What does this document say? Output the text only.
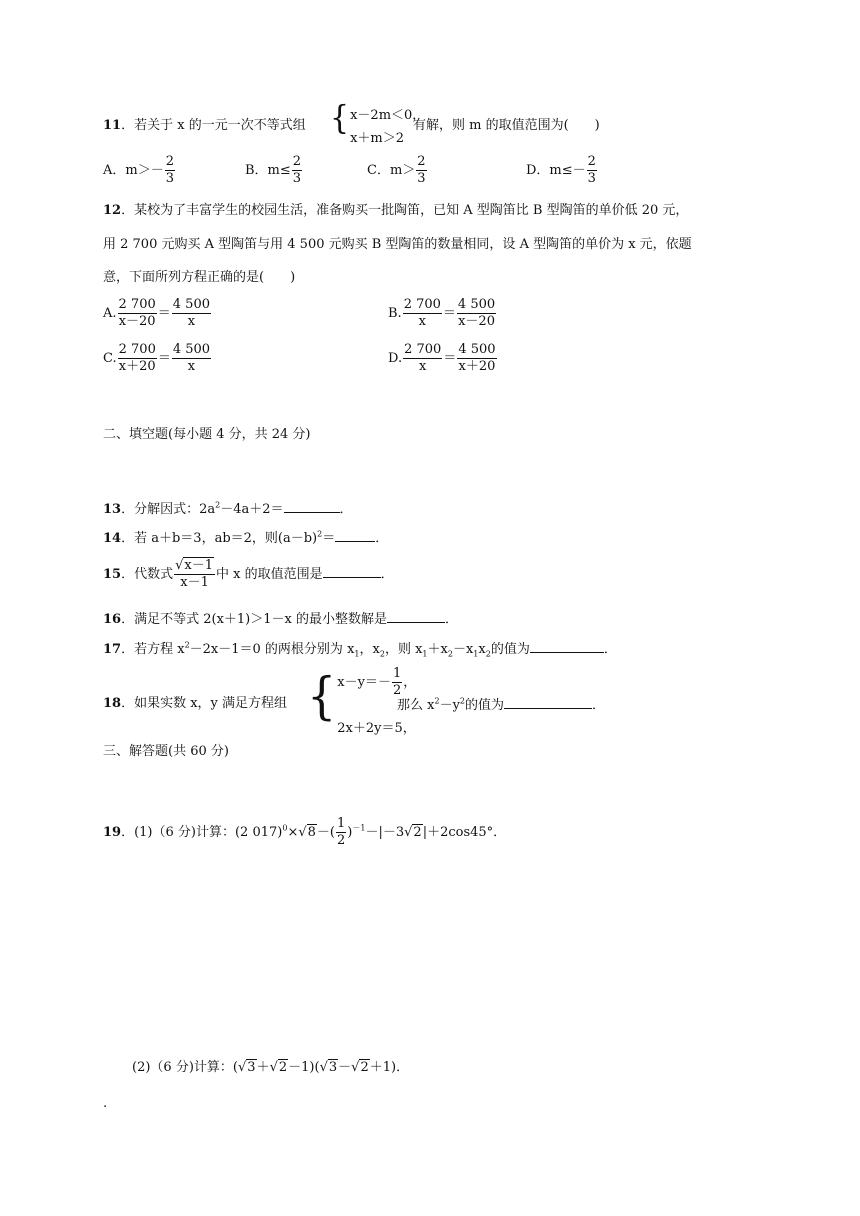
11．若关于 x 的一元一次不等式组 { x－2m＜0，
x＋m＞2
有解，则 m 的取值范围为(　　)
A．$m>- \frac{2}{3}$	B．$m\le \frac{2}{3}$	C．$m> \frac{2}{3}$	D．$m\le- \frac{2}{3}$
12．某校为了丰富学生的校园生活，准备购买一批陶笛，已知 A 型陶笛比 B 型陶笛的单价低 20 元，
用 2 700 元购买 A 型陶笛与用 4 500 元购买 B 型陶笛的数量相同，设 A 型陶笛的单价为 x 元，依题
意，下面所列方程正确的是(　　)
A. $\frac{2 700}{x-20} = \frac{4 500}{x}$	B. $\frac{2 700}{x} = \frac{4 500}{x-20}$
C. $\frac{2 700}{x+20} = \frac{4 500}{x}$	D. $\frac{2 700}{x} = \frac{4 500}{x+20}$
二、填空题(每小题 4 分，共 24 分)
13．分解因式：$2a^2-4a+2=$	．
14．若 a＋b＝3，ab＝2，则$(a-b)^2=$	．
15．代数式 $\frac{√x-1}{x-1}$ 中 x 的取值范围是	．
16．满足不等式 2(x＋1)＞1－x 的最小整数解是	．
17．若方程 $x^2-2x-1=0$ 的两根分别为 $x_1$，$x_2$，则 $x_1+x_2-x_1x_2$的值为	．
18．如果实数 x，y 满足方程组 { $x-y=- \frac{1}{2}$ ，
2x＋2y＝5，
那么 $x^2-y^2$的值为	．
三、解答题(共 60 分)
19．(1)（6 分)计算：(2 $017)^0\times√8-( \frac{1}{2} )^{-1}-|-3√2|+2\cos 45^\circ$．
(2)（6 分)计算：(√3＋√2－1)(√3－√2＋1)．
.
